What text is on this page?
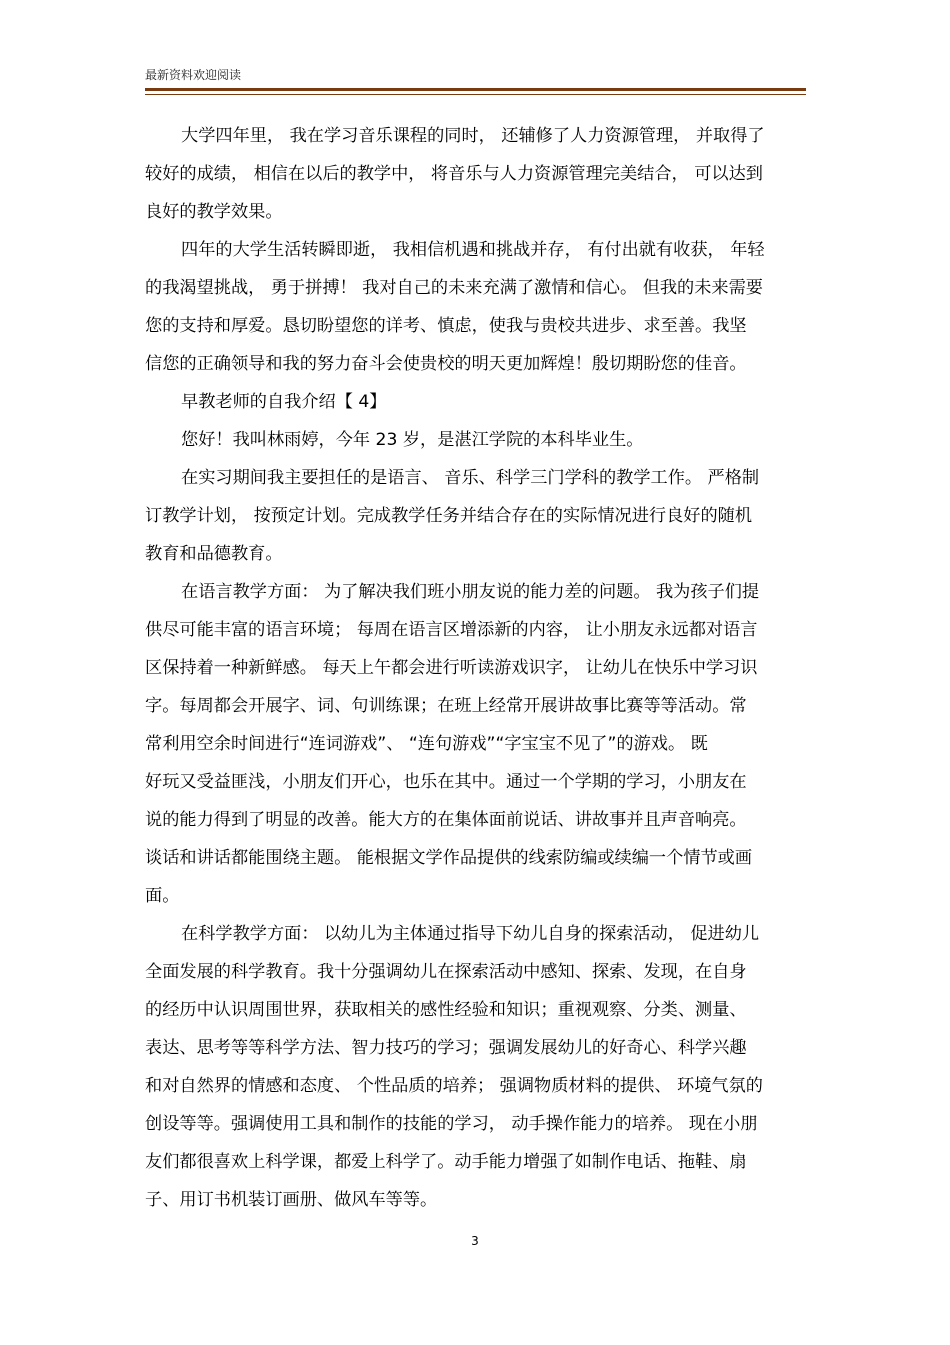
最新资料欢迎阅读
大学四年里， 我在学习音乐课程的同时， 还辅修了人力资源管理， 并取得了
较好的成绩， 相信在以后的教学中， 将音乐与人力资源管理完美结合， 可以达到
良好的教学效果。
四年的大学生活转瞬即逝， 我相信机遇和挑战并存， 有付出就有收获， 年轻
的我渴望挑战， 勇于拼搏！ 我对自己的未来充满了激情和信心。 但我的未来需要
您的支持和厚爱。恳切盼望您的详考、慎虑，使我与贵校共进步、求至善。我坚
信您的正确领导和我的努力奋斗会使贵校的明天更加辉煌！殷切期盼您的佳音。
早教老师的自我介绍【 4】
您好！我叫林雨婷，今年 23 岁，是湛江学院的本科毕业生。
在实习期间我主要担任的是语言、 音乐、科学三门学科的教学工作。 严格制
订教学计划， 按预定计划。完成教学任务并结合存在的实际情况进行良好的随机
教育和品德教育。
在语言教学方面： 为了解决我们班小朋友说的能力差的问题。 我为孩子们提
供尽可能丰富的语言环境； 每周在语言区增添新的内容， 让小朋友永远都对语言
区保持着一种新鲜感。 每天上午都会进行听读游戏识字， 让幼儿在快乐中学习识
字。每周都会开展字、词、句训练课；在班上经常开展讲故事比赛等等活动。常
常利用空余时间进行“连词游戏”、 “连句游戏”“字宝宝不见了”的游戏。 既
好玩又受益匪浅，小朋友们开心，也乐在其中。通过一个学期的学习，小朋友在
说的能力得到了明显的改善。能大方的在集体面前说话、讲故事并且声音响亮。
谈话和讲话都能围绕主题。 能根据文学作品提供的线索防编或续编一个情节或画
面。
在科学教学方面： 以幼儿为主体通过指导下幼儿自身的探索活动， 促进幼儿
全面发展的科学教育。我十分强调幼儿在探索活动中感知、探索、发现，在自身
的经历中认识周围世界，获取相关的感性经验和知识；重视观察、分类、测量、
表达、思考等等科学方法、智力技巧的学习；强调发展幼儿的好奇心、科学兴趣
和对自然界的情感和态度、 个性品质的培养； 强调物质材料的提供、 环境气氛的
创设等等。强调使用工具和制作的技能的学习， 动手操作能力的培养。 现在小朋
友们都很喜欢上科学课，都爱上科学了。动手能力增强了如制作电话、拖鞋、扇
子、用订书机装订画册、做风车等等。
3
